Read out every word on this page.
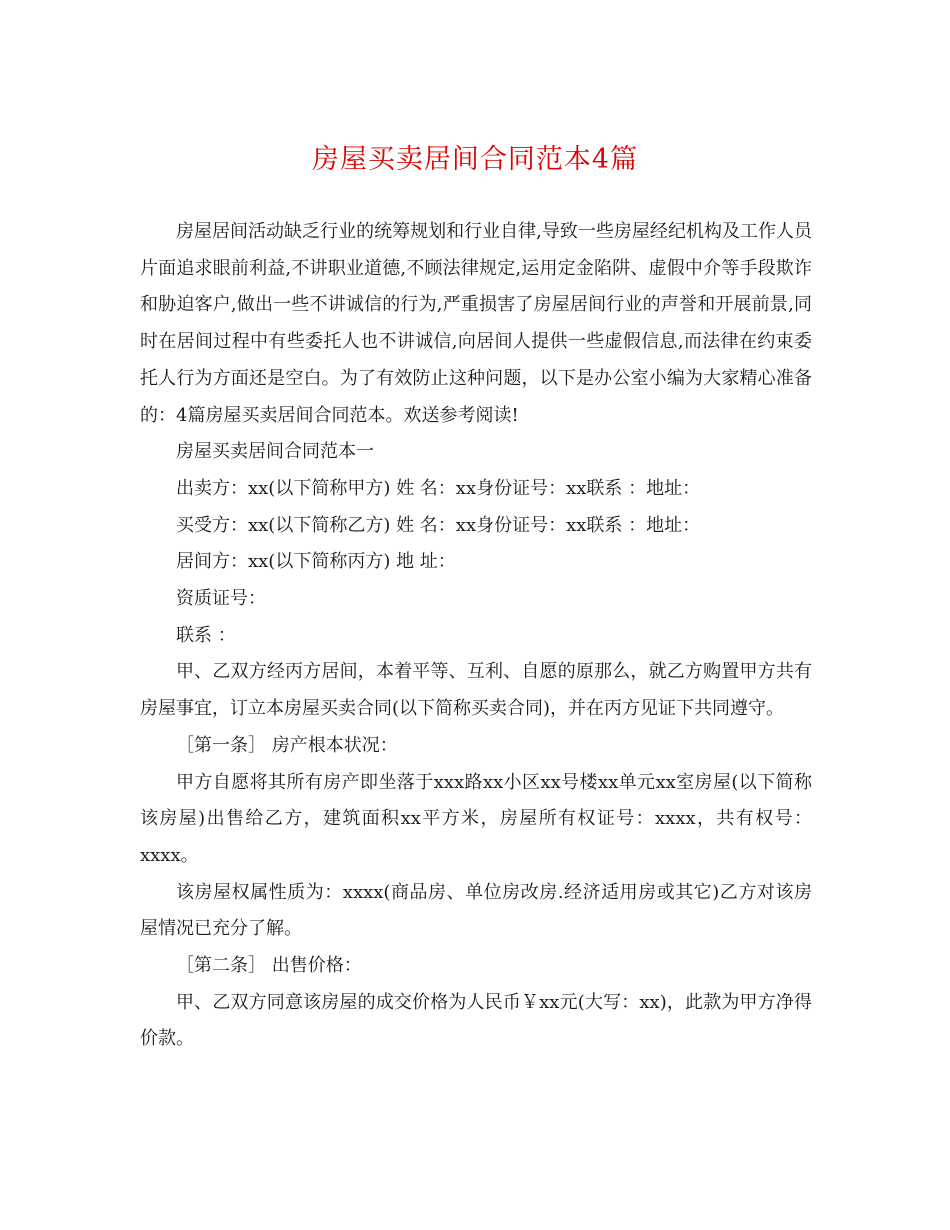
房屋买卖居间合同范本4篇

房屋居间活动缺乏行业的统筹规划和行业自律,导致一些房屋经纪机构及工作人员片面追求眼前利益,不讲职业道德,不顾法律规定,运用定金陷阱、虚假中介等手段欺诈和胁迫客户,做出一些不讲诚信的行为,严重损害了房屋居间行业的声誉和开展前景,同时在居间过程中有些委托人也不讲诚信,向居间人提供一些虚假信息,而法律在约束委托人行为方面还是空白。为了有效防止这种问题，以下是办公室小编为大家精心准备的：4篇房屋买卖居间合同范本。欢送参考阅读!

房屋买卖居间合同范本一

出卖方：xx(以下简称甲方) 姓 名：xx身份证号：xx联系 ：地址：

买受方：xx(以下简称乙方) 姓 名：xx身份证号：xx联系 ：地址：

居间方：xx(以下简称丙方) 地 址：

资质证号：

联系 ：

甲、乙双方经丙方居间，本着平等、互利、自愿的原那么，就乙方购置甲方共有房屋事宜，订立本房屋买卖合同(以下简称买卖合同)，并在丙方见证下共同遵守。

［第一条］ 房产根本状况：

甲方自愿将其所有房产即坐落于xxx路xx小区xx号楼xx单元xx室房屋(以下简称该房屋)出售给乙方，建筑面积xx平方米，房屋所有权证号：xxxx，共有权号：xxxx。

该房屋权属性质为：xxxx(商品房、单位房改房.经济适用房或其它)乙方对该房屋情况已充分了解。

［第二条］ 出售价格：

甲、乙双方同意该房屋的成交价格为人民币￥xx元(大写：xx)，此款为甲方净得价款。
